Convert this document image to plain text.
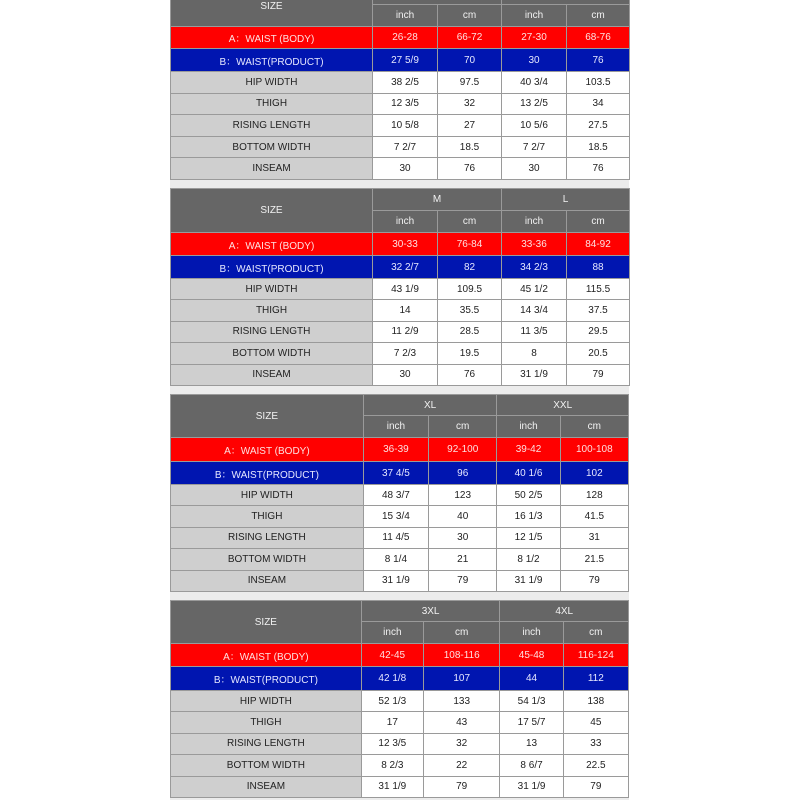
SIZE				
	inch	cm	inch	cm
A：WAIST (BODY)	26-28	66-72	27-30	68-76
B：WAIST(PRODUCT)	27 5/9	70	30	76
HIP WIDTH	38 2/5	97.5	40 3/4	103.5
THIGH	12 3/5	32	13 2/5	34
RISING LENGTH	10 5/8	27	10 5/6	27.5
BOTTOM WIDTH	7 2/7	18.5	7 2/7	18.5
INSEAM	30	76	30	76
SIZE	M		L	
	inch	cm	inch	cm
A：WAIST (BODY)	30-33	76-84	33-36	84-92
B：WAIST(PRODUCT)	32 2/7	82	34 2/3	88
HIP WIDTH	43 1/9	109.5	45 1/2	115.5
THIGH	14	35.5	14 3/4	37.5
RISING LENGTH	11 2/9	28.5	11 3/5	29.5
BOTTOM WIDTH	7 2/3	19.5	8	20.5
INSEAM	30	76	31 1/9	79
SIZE	XL		XXL	
	inch	cm	inch	cm
A：WAIST (BODY)	36-39	92-100	39-42	100-108
B：WAIST(PRODUCT)	37 4/5	96	40 1/6	102
HIP WIDTH	48 3/7	123	50 2/5	128
THIGH	15 3/4	40	16 1/3	41.5
RISING LENGTH	11 4/5	30	12 1/5	31
BOTTOM WIDTH	8 1/4	21	8 1/2	21.5
INSEAM	31 1/9	79	31 1/9	79
SIZE	3XL		4XL	
	inch	cm	inch	cm
A：WAIST (BODY)	42-45	108-116	45-48	116-124
B：WAIST(PRODUCT)	42 1/8	107	44	112
HIP WIDTH	52 1/3	133	54 1/3	138
THIGH	17	43	17 5/7	45
RISING LENGTH	12 3/5	32	13	33
BOTTOM WIDTH	8 2/3	22	8 6/7	22.5
INSEAM	31 1/9	79	31 1/9	79
